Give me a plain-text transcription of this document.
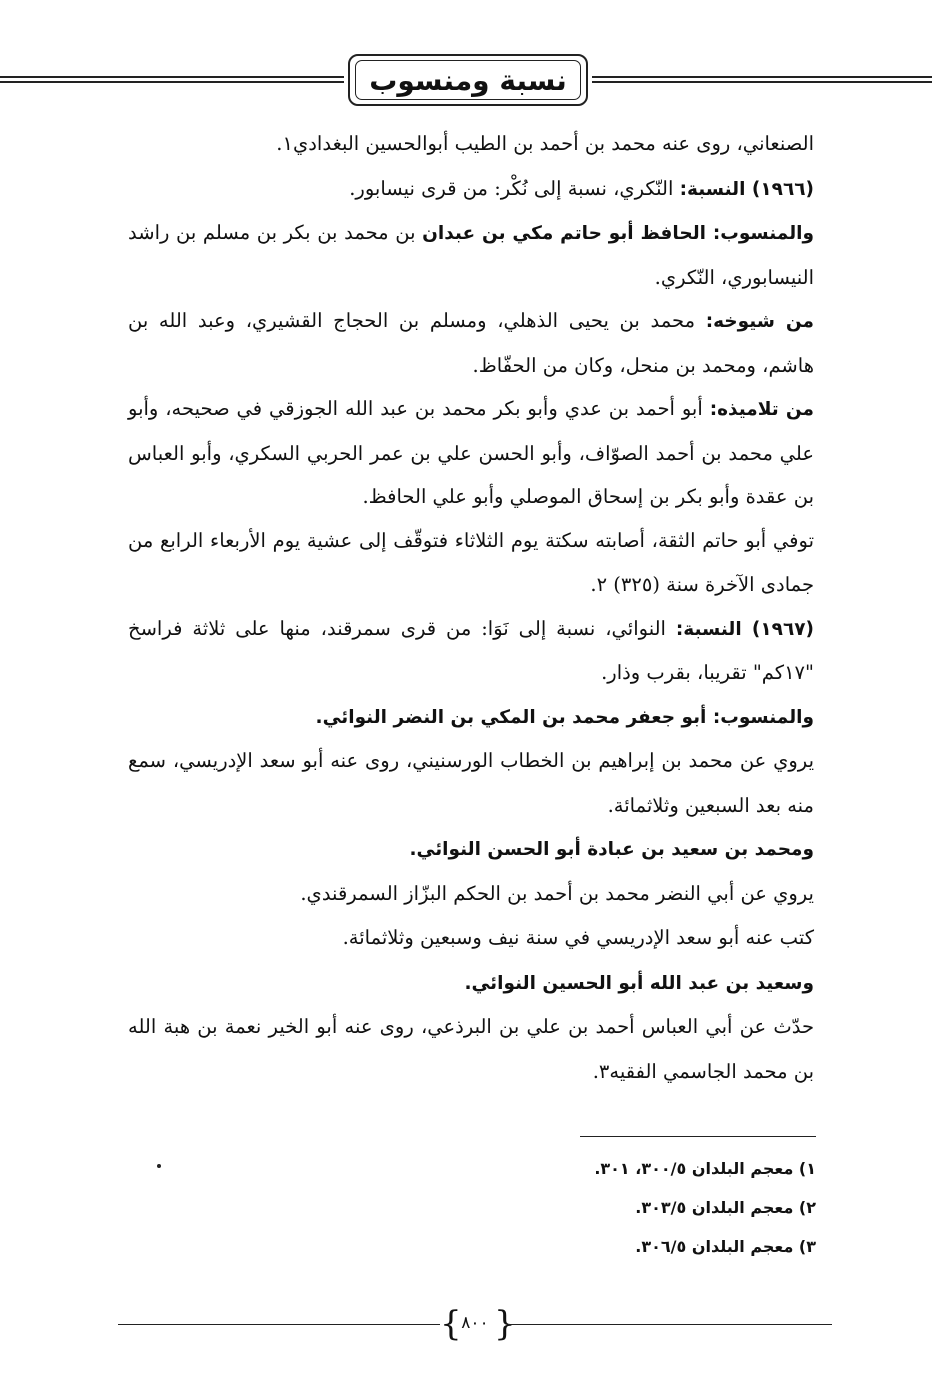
نسبة ومنسوب

الصنعاني، روى عنه محمد بن أحمد بن الطيب أبوالحسين البغدادي١.

(١٩٦٦) النسبة: النّكري، نسبة إلى نُكْر: من قرى نيسابور.

والمنسوب: الحافظ أبو حاتم مكي بن عبدان بن محمد بن بكر بن مسلم بن راشد النيسابوري، النّكري.

من شيوخه: محمد بن يحيى الذهلي، ومسلم بن الحجاج القشيري، وعبد الله بن هاشم، ومحمد بن منحل، وكان من الحفّاظ.

من تلاميذه: أبو أحمد بن عدي وأبو بكر محمد بن عبد الله الجوزقي في صحيحه، وأبو علي محمد بن أحمد الصوّاف، وأبو الحسن علي بن عمر الحربي السكري، وأبو العباس بن عقدة وأبو بكر بن إسحاق الموصلي وأبو علي الحافظ.

توفي أبو حاتم الثقة، أصابته سكتة يوم الثلاثاء فتوقّف إلى عشية يوم الأربعاء الرابع من جمادى الآخرة سنة (٣٢٥) ٢.

(١٩٦٧) النسبة: النوائي، نسبة إلى نَوَا: من قرى سمرقند، منها على ثلاثة فراسخ "١٧كم" تقريبا، بقرب وذار.

والمنسوب: أبو جعفر محمد بن المكي بن النضر النوائي.

يروي عن محمد بن إبراهيم بن الخطاب الورسنيني، روى عنه أبو سعد الإدريسي، سمع منه بعد السبعين وثلاثمائة.

ومحمد بن سعيد بن عبادة أبو الحسن النوائي.

يروي عن أبي النضر محمد بن أحمد بن الحكم البزّاز السمرقندي.

كتب عنه أبو سعد الإدريسي في سنة نيف وسبعين وثلاثمائة.

وسعيد بن عبد الله أبو الحسين النوائي.

حدّث عن أبي العباس أحمد بن علي بن البرذعي، روى عنه أبو الخير نعمة بن هبة الله بن محمد الجاسمي الفقيه٣.

١) معجم البلدان ٣٠٠/٥، ٣٠١.

٢) معجم البلدان ٣٠٣/٥.

٣) معجم البلدان ٣٠٦/٥.

{ ٨٠٠ }
